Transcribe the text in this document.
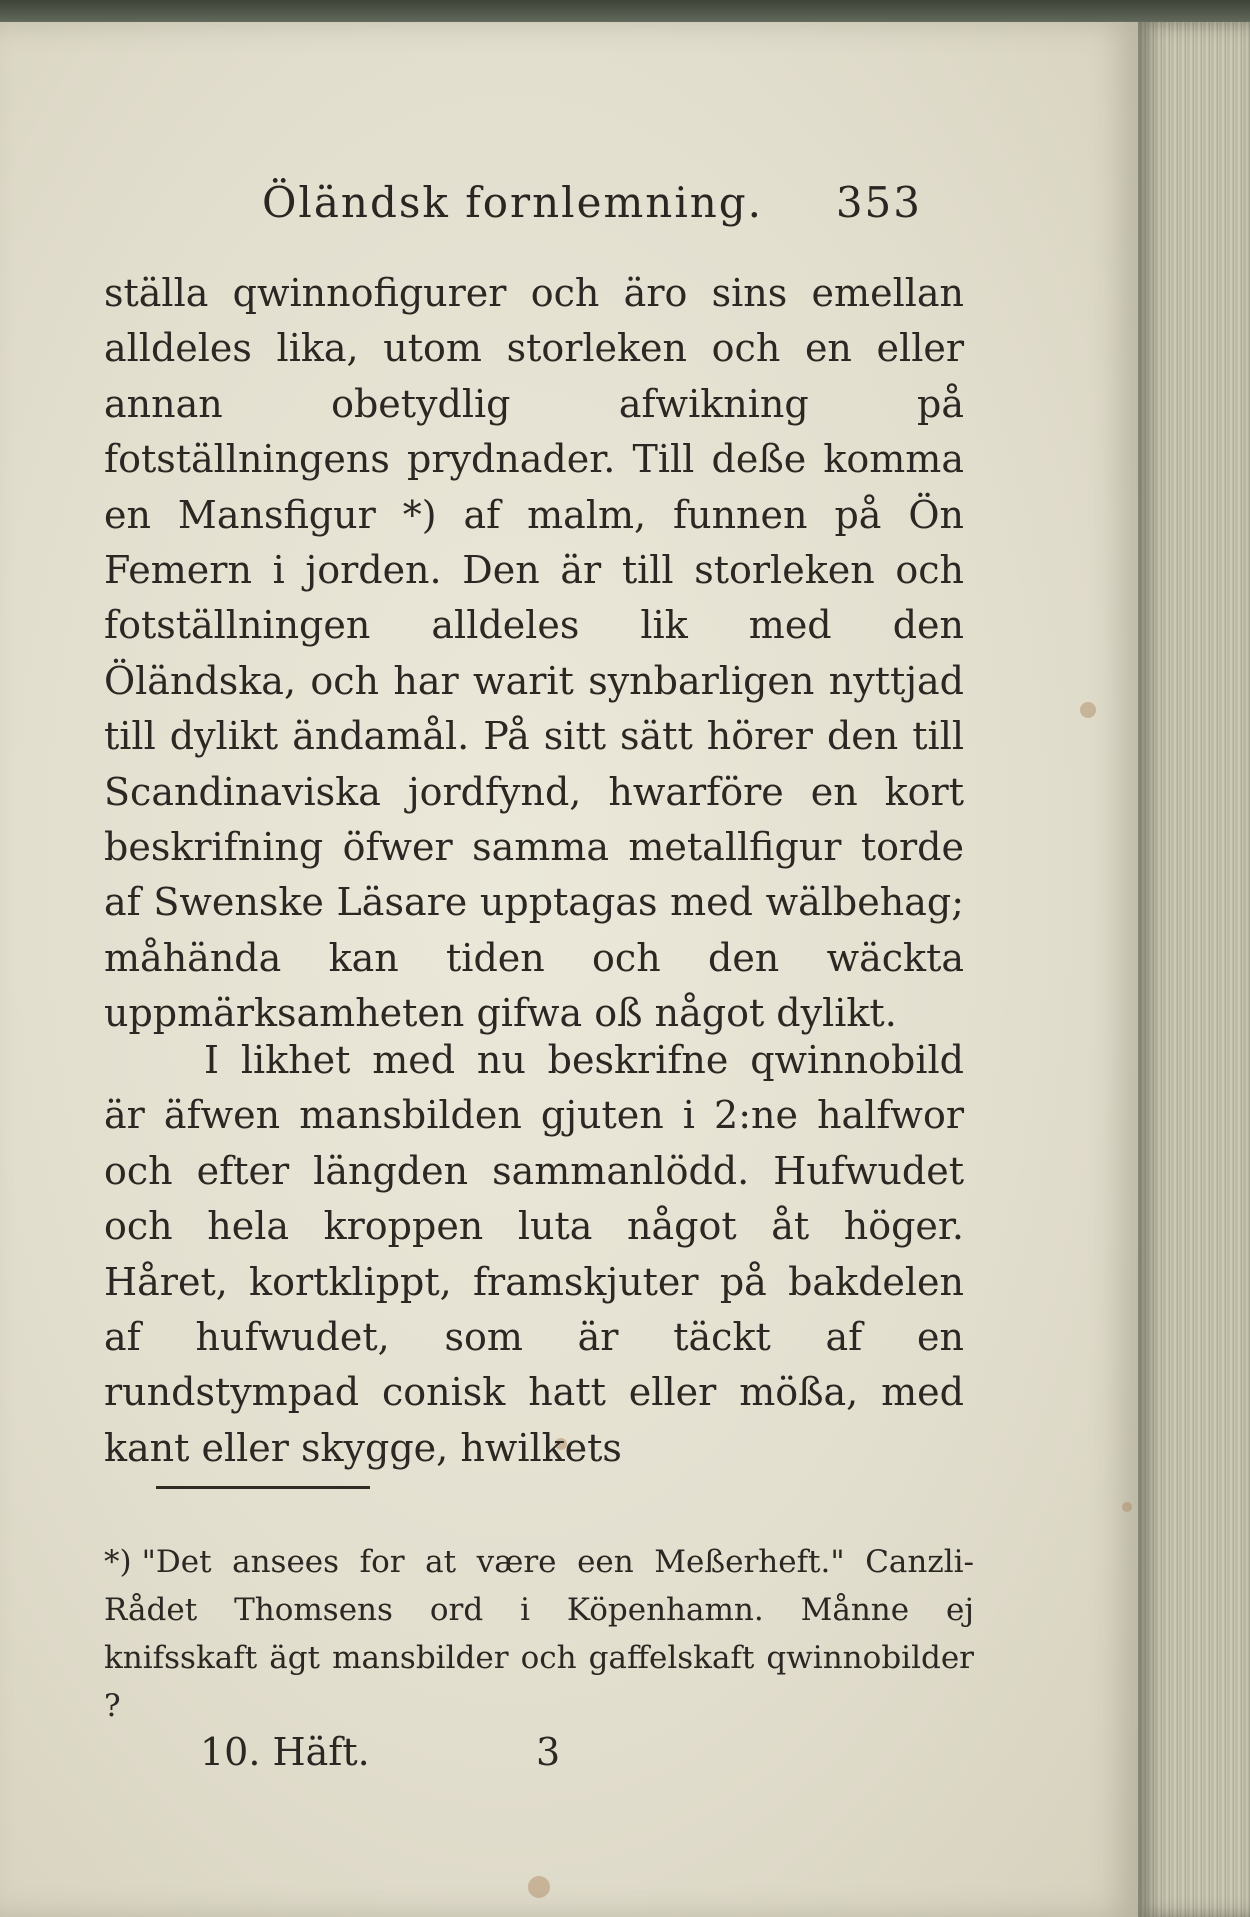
Öländsk fornlemning. 353

ställa qwinnofigurer och äro sins emellan alldeles lika, utom storleken och en eller annan obetydlig afwikning på fotställningens prydnader. Till deße komma en Mansfigur *) af malm, funnen på Ön Femern i jorden. Den är till storleken och fotställningen alldeles lik med den Öländska, och har warit synbarligen nyttjad till dylikt ändamål. På sitt sätt hörer den till Scandinaviska jordfynd, hwarföre en kort beskrifning öfwer samma metallfigur torde af Swenske Läsare upptagas med wälbehag; måhända kan tiden och den wäckta uppmärksamheten gifwa oß något dylikt.

I likhet med nu beskrifne qwinnobild är äfwen mansbilden gjuten i 2:ne halfwor och efter längden sammanlödd. Hufwudet och hela kroppen luta något åt höger. Håret, kortklippt, framskjuter på bakdelen af hufwudet, som är täckt af en rundstympad conisk hatt eller mößa, med kant eller skygge, hwilkets

*) "Det ansees for at være een Meßerheft." Canzli-Rådet Thomsens ord i Köpenhamn. Månne ej knifsskaft ägt mansbilder och gaffelskaft qwinnobilder ?

10. Häft.	3
